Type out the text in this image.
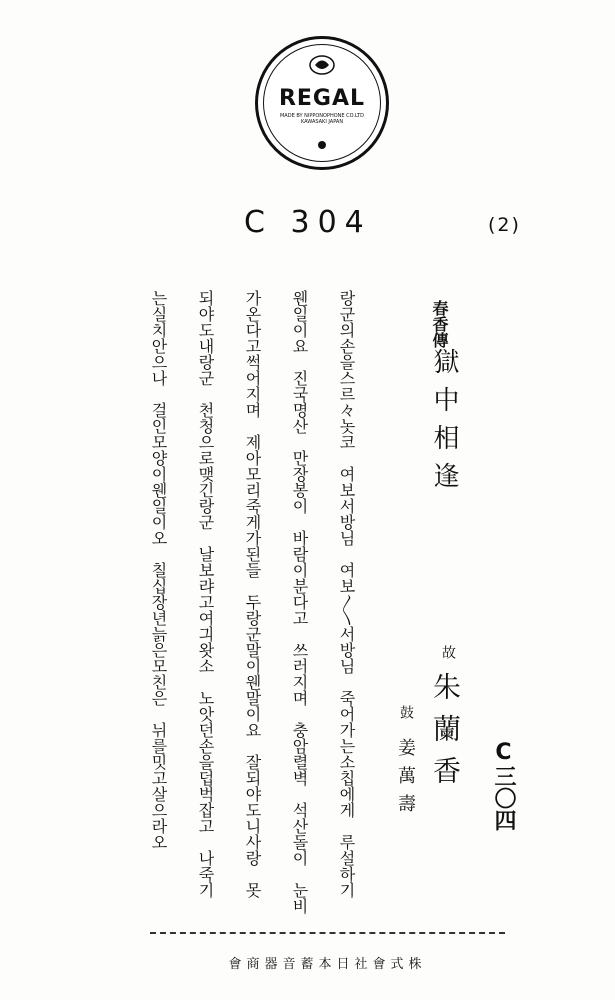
REGAL
MADE BY NIPPONOPHONE CO.LTD
KAWASAKI JAPAN
C 304	(2)
春香傳
獄中相逢
故
朱蘭香
鼓
姜萬壽	C三〇四
랑군의손을스르々놋코　여보서방님　여보〳〵서방님　죽어가는소칩에게　루설하기
웬일이요　진국명산　만장봉이　바람이분다고　쓰러지며　충암렬벽　석산돌이　눈비
가온다고썩어지며　제아모리죽게가된들　두랑군말이웬말이요　잘되야도니사랑　못
되야도내랑군　천청으로맺긴랑군　날보랴고여긔왓소　노앗던손을덥벅잡고　나죽기
는실치안으나　걸인모양이웬일이오　칠십장년늙은모친은　뉘를밋고살으라오
株式會社日本蓄音器商會
